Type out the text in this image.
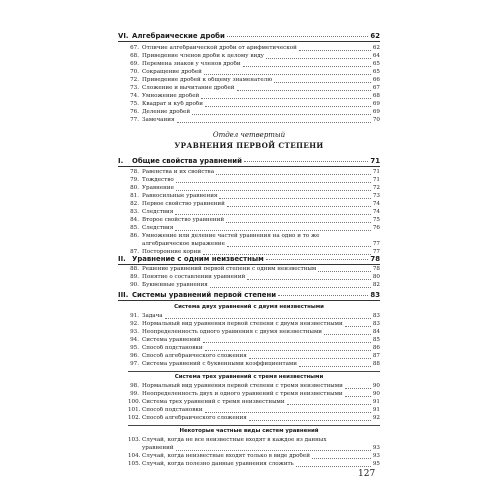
VI. Алгебраические дроби	62
67. Отличие алгебраической дроби от арифметической	62
68. Приведение членов дроби к целому виду	64
69. Перемена знаков у членов дроби	65
70. Сокращение дробей	65
72. Приведение дробей к общему знаменателю	66
73. Сложение и вычитание дробей	67
74. Умножение дробей	68
75. Квадрат и куб дроби	69
76. Деление дробей	69
77. Замечания	70
Отдел четвертый
УРАВНЕНИЯ ПЕРВОЙ СТЕПЕНИ
I.	Общие свойства уравнений	71
78. Равенства и их свойства	71
79. Тождество	71
80. Уравнение	72
81. Равносильные уравнения	73
82. Первое свойство уравнений	74
83. Следствия	74
84. Второе свойство уравнений	75
85. Следствия	76
86. Умножение или деление частей уравнения на одно и то же
алгебраическое выражение	77
87. Посторонние корни	77
II. Уравнение с одним неизвестным	78
88. Решение уравнений первой степени с одним неизвестным	78
89. Понятие о составлении уравнений	80
90. Буквенные уравнения	82
III. Системы уравнений первой степени	83
Система двух уравнений с двумя неизвестными
91. Задача	83
92. Нормальный вид уравнения первой степени с двумя неизвестными	83
93. Неопределенность одного уравнения с двумя неизвестными	84
94. Система уравнений	85
95. Способ подстановки	86
96. Способ алгебраического сложения	87
97. Система уравнений с буквенными коэффициентами	88
Система трех уравнений с тремя неизвестными
98. Нормальный вид уравнения первой степени с тремя неизвестными	90
99. Неопределенность двух и одного уравнений с тремя неизвестными	90
100. Система трех уравнений с тремя неизвестными	91
101. Способ подстановки	91
102. Способ алгебраического сложения	92
Некоторые частные виды систем уравнений
103. Случай, когда не все неизвестные входят в каждое из данных
уравнений	93
104. Случай, когда неизвестные входят только в виде дробей	93
105. Случай, когда полезно данные уравнения сложить	95
127
